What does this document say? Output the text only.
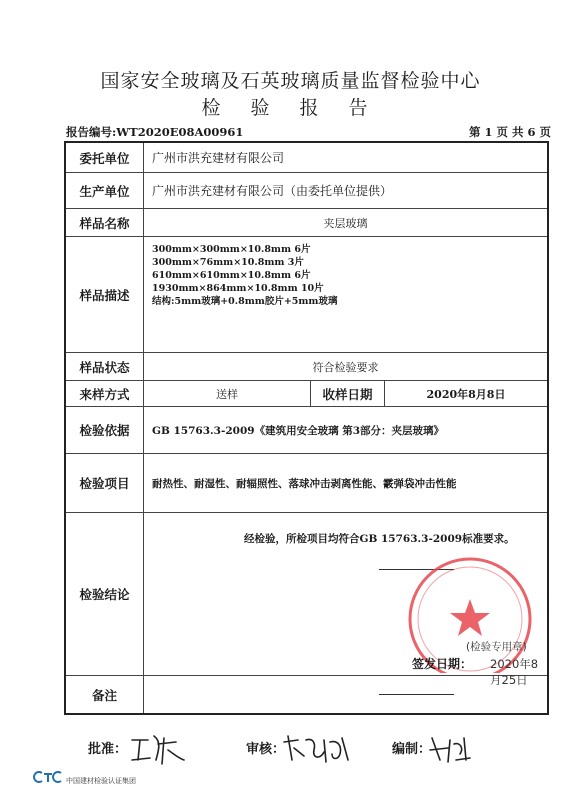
国家安全玻璃及石英玻璃质量监督检验中心
检 验 报 告
报告编号:WT2020E08A00961	第 1 页 共 6 页
委托单位	广州市洪充建材有限公司
生产单位	广州市洪充建材有限公司（由委托单位提供）
样品名称	夹层玻璃
样品描述
300mm×300mm×10.8mm 6片
300mm×76mm×10.8mm 3片
610mm×610mm×10.8mm 6片
1930mm×864mm×10.8mm 10片
结构:5mm玻璃+0.8mm胶片+5mm玻璃
样品状态	符合检验要求
来样方式	送样	收样日期	2020年8月8日
检验依据	GB 15763.3-2009《建筑用安全玻璃 第3部分：夹层玻璃》
检验项目	耐热性、耐湿性、耐辐照性、落球冲击剥离性能、霰弹袋冲击性能
检验结论
经检验，所检项目均符合GB 15763.3-2009标准要求。
(检验专用章)
签发日期： 2020年8月25日
备注
批准：	审核：	编制：
中国建材检验认证集团
